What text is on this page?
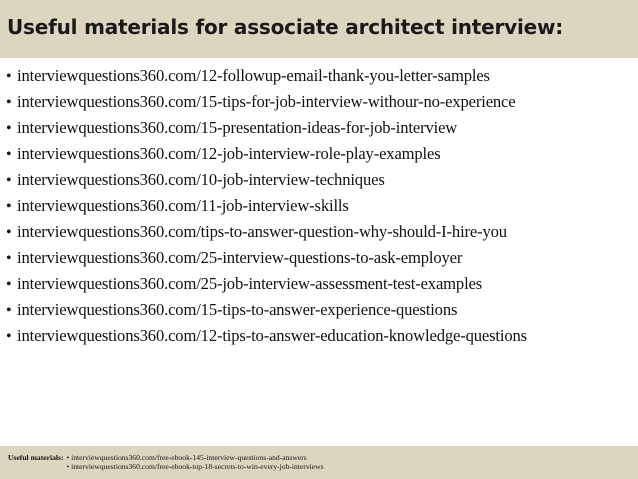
Useful materials for associate architect interview:
• interviewquestions360.com/12-followup-email-thank-you-letter-samples
• interviewquestions360.com/15-tips-for-job-interview-withour-no-experience
• interviewquestions360.com/15-presentation-ideas-for-job-interview
• interviewquestions360.com/12-job-interview-role-play-examples
• interviewquestions360.com/10-job-interview-techniques
• interviewquestions360.com/11-job-interview-skills
• interviewquestions360.com/tips-to-answer-question-why-should-I-hire-you
• interviewquestions360.com/25-interview-questions-to-ask-employer
• interviewquestions360.com/25-job-interview-assessment-test-examples
• interviewquestions360.com/15-tips-to-answer-experience-questions
• interviewquestions360.com/12-tips-to-answer-education-knowledge-questions
Useful materials: • interviewquestions360.com/free-ebook-145-interview-questions-and-answers
• interviewquestions360.com/free-ebook-top-18-secrets-to-win-every-job-interviews
